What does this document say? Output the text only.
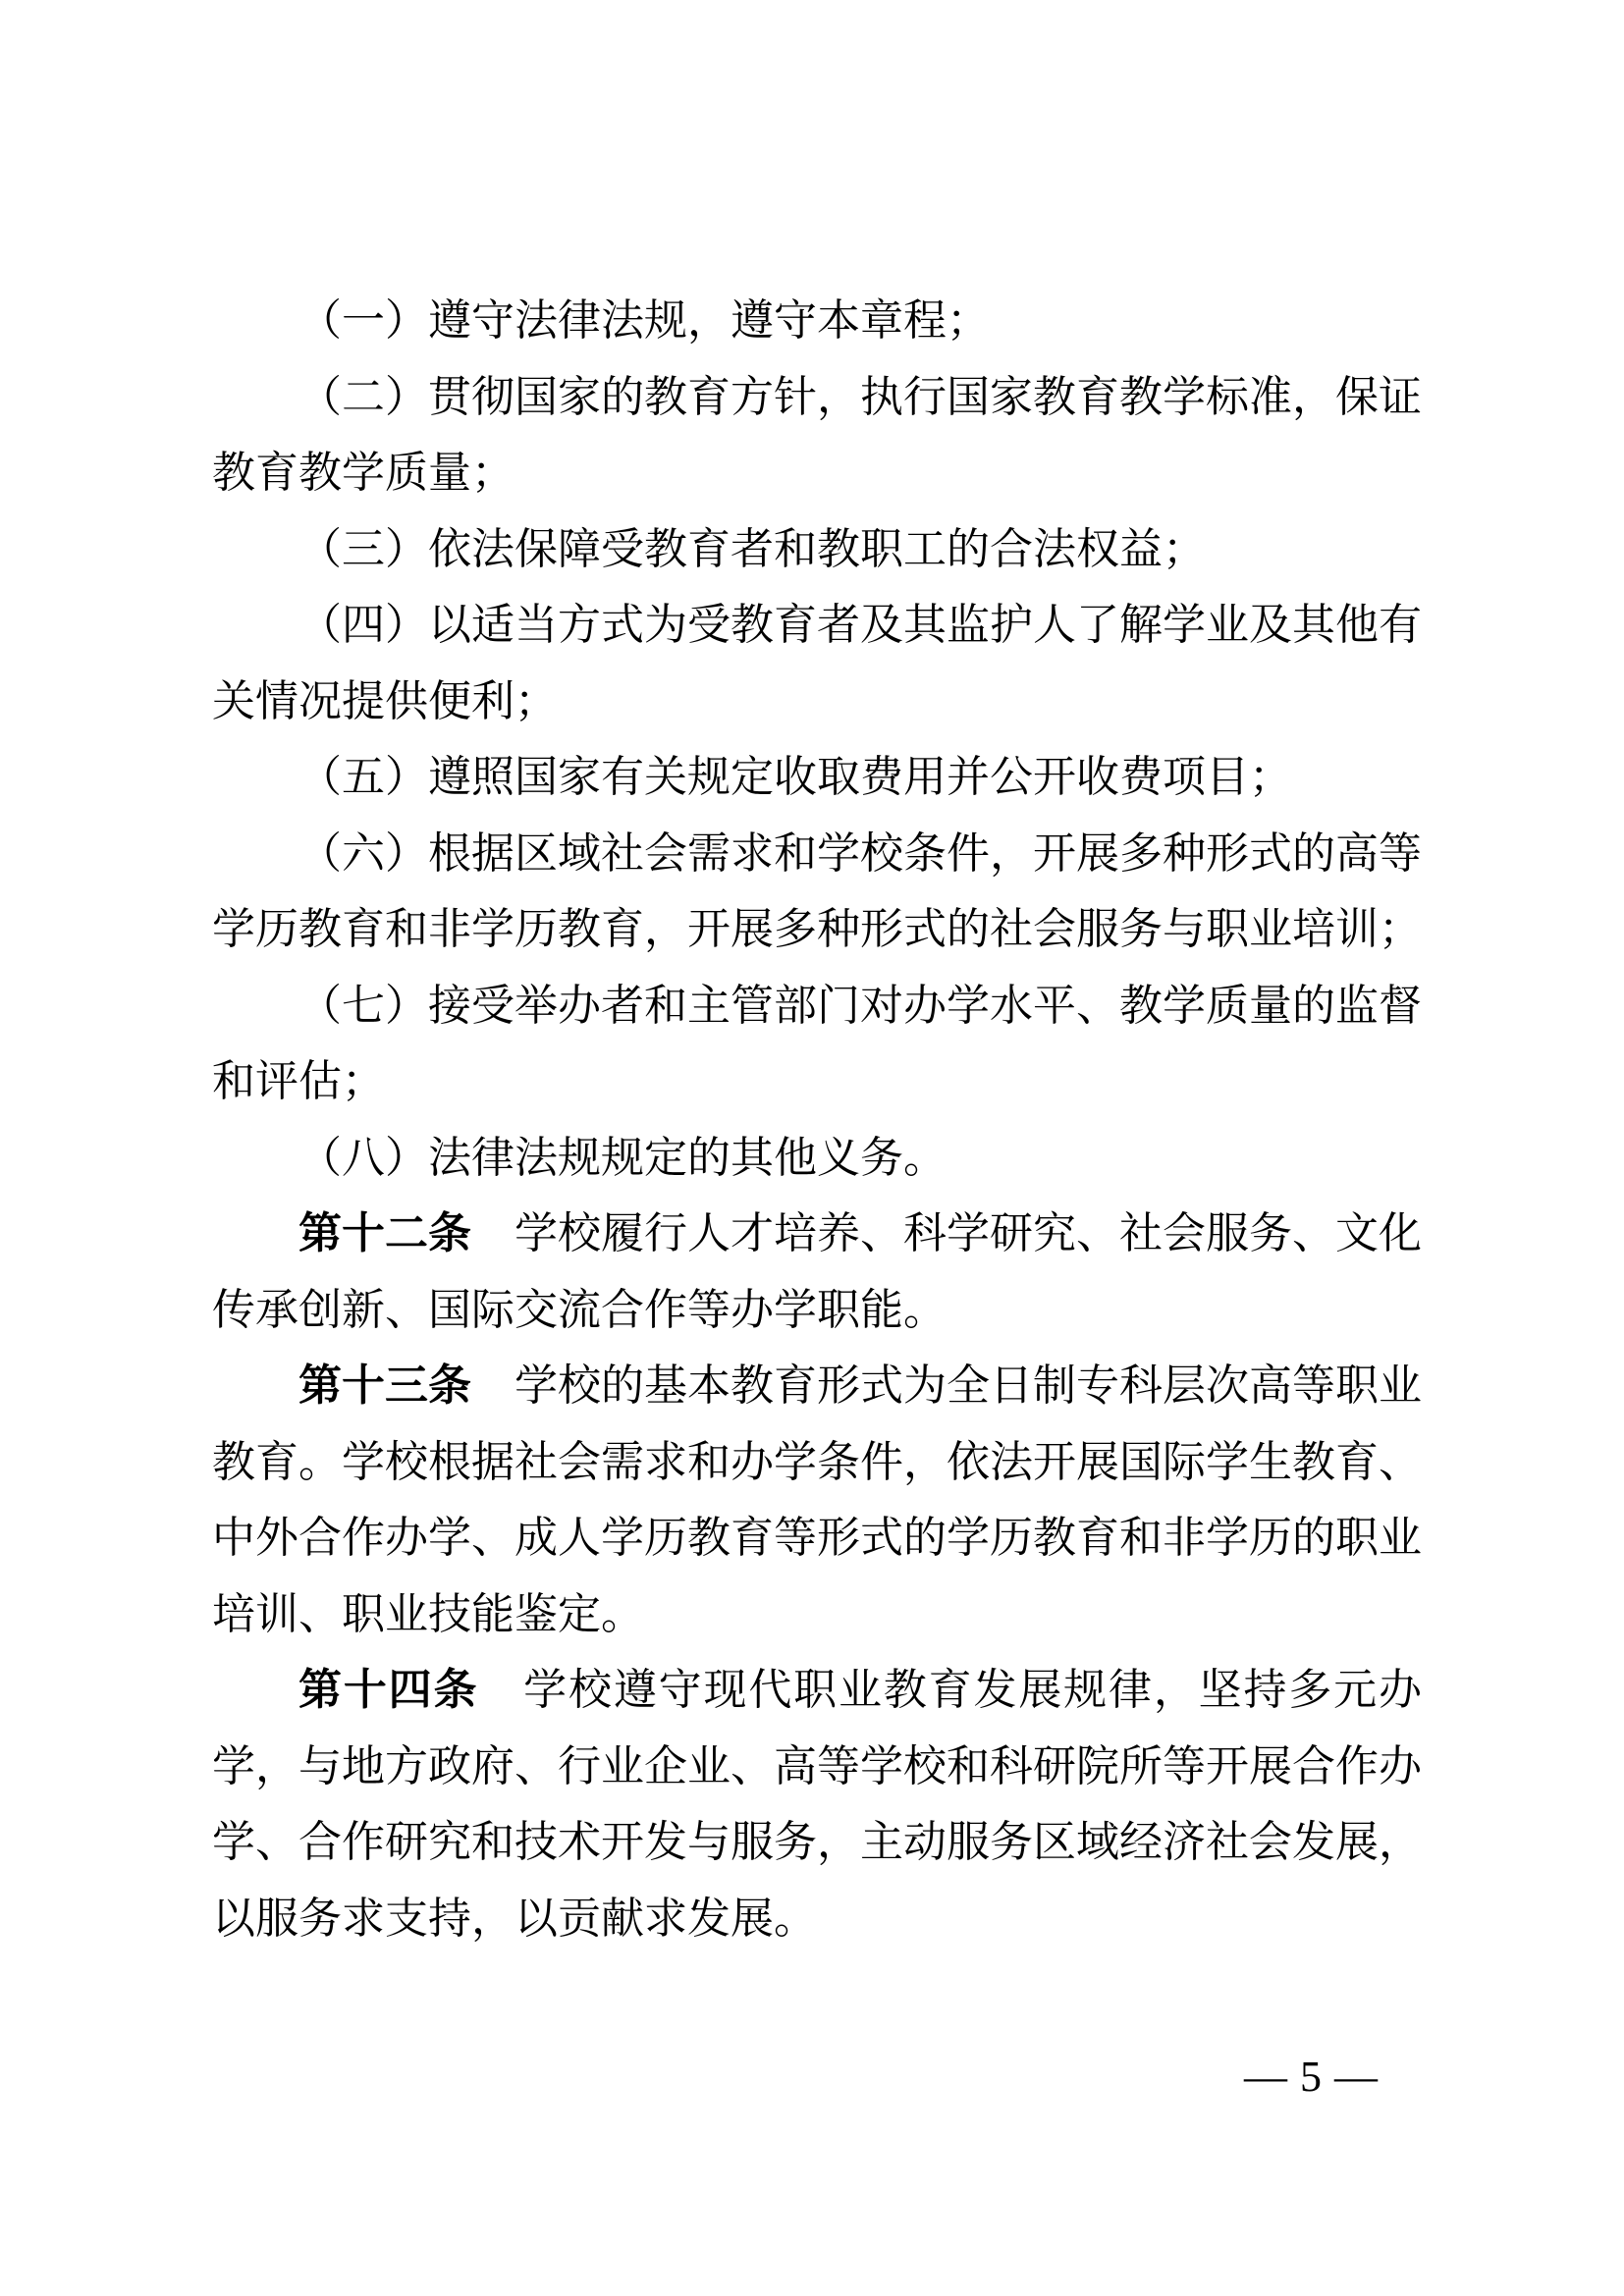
（一）遵守法律法规，遵守本章程；

（二）贯彻国家的教育方针，执行国家教育教学标准，保证教育教学质量；

（三）依法保障受教育者和教职工的合法权益；

（四）以适当方式为受教育者及其监护人了解学业及其他有关情况提供便利；

（五）遵照国家有关规定收取费用并公开收费项目；

（六）根据区域社会需求和学校条件，开展多种形式的高等学历教育和非学历教育，开展多种形式的社会服务与职业培训；

（七）接受举办者和主管部门对办学水平、教学质量的监督和评估；

（八）法律法规规定的其他义务。

第十二条　学校履行人才培养、科学研究、社会服务、文化传承创新、国际交流合作等办学职能。

第十三条　学校的基本教育形式为全日制专科层次高等职业教育。学校根据社会需求和办学条件，依法开展国际学生教育、中外合作办学、成人学历教育等形式的学历教育和非学历的职业培训、职业技能鉴定。

第十四条　学校遵守现代职业教育发展规律，坚持多元办学，与地方政府、行业企业、高等学校和科研院所等开展合作办学、合作研究和技术开发与服务，主动服务区域经济社会发展，以服务求支持，以贡献求发展。

— 5 —
